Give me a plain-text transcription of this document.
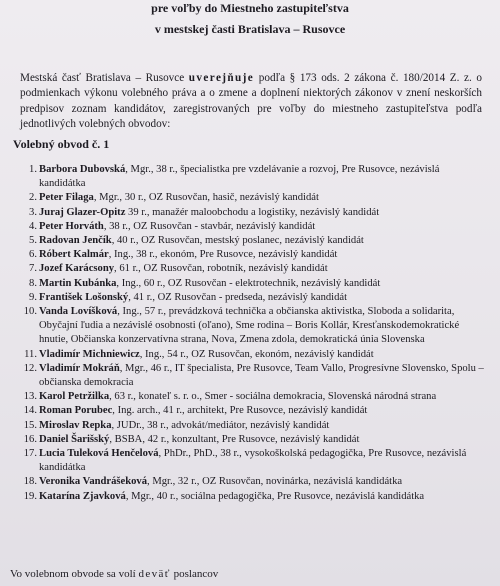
pre voľby do Miestneho zastupiteľstva
v mestskej časti Bratislava – Rusovce

Mestská časť Bratislava – Rusovce uverejňuje podľa § 173 ods. 2 zákona č. 180/2014 Z. z. o podmienkach výkonu volebného práva a o zmene a doplnení niektorých zákonov v znení neskorších predpisov zoznam kandidátov, zaregistrovaných pre voľby do miestneho zastupiteľstva podľa jednotlivých volebných obvodov:

Volebný obvod č. 1
1. Barbora Dubovská, Mgr., 38 r., špecialistka pre vzdelávanie a rozvoj, Pre Rusovce, nezávislá kandidátka
2. Peter Filaga, Mgr., 30 r., OZ Rusovčan, hasič, nezávislý kandidát
3. Juraj Glazer-Opitz 39 r., manažér maloobchodu a logistiky, nezávislý kandidát
4. Peter Horváth, 38 r., OZ Rusovčan - stavbár, nezávislý kandidát
5. Radovan Jenčík, 40 r., OZ Rusovčan, mestský poslanec, nezávislý kandidát
6. Róbert Kalmár, Ing., 38 r., ekonóm, Pre Rusovce, nezávislý kandidát
7. Jozef Karácsony, 61 r., OZ Rusovčan, robotník, nezávislý kandidát
8. Martin Kubánka, Ing., 60 r., OZ Rusovčan - elektrotechnik, nezávislý kandidát
9. František Lošonský, 41 r., OZ Rusovčan - predseda, nezávislý kandidát
10. Vanda Lovíšková, Ing., 57 r., prevádzková technička a občianska aktivistka, Sloboda a solidarita, Obyčajní ľudia a nezávislé osobnosti (oľano), Sme rodina – Boris Kollár, Kresťanskodemokratické hnutie, Občianska konzervatívna strana, Nova, Zmena zdola, demokratická únia Slovenska
11. Vladimír Michniewicz, Ing., 54 r., OZ Rusovčan, ekonóm, nezávislý kandidát
12. Vladimír Mokráň, Mgr., 46 r., IT špecialista, Pre Rusovce, Team Vallo, Progresívne Slovensko, Spolu – občianska demokracia
13. Karol Petržilka, 63 r., konateľ s. r. o., Smer - sociálna demokracia, Slovenská národná strana
14. Roman Porubec, Ing. arch., 41 r., architekt, Pre Rusovce, nezávislý kandidát
15. Miroslav Repka, JUDr., 38 r., advokát/mediátor, nezávislý kandidát
16. Daniel Šarišský, BSBA, 42 r., konzultant, Pre Rusovce, nezávislý kandidát
17. Lucia Tuleková Henčelová, PhDr., PhD., 38 r., vysokoškolská pedagogička, Pre Rusovce, nezávislá kandidátka
18. Veronika Vandrášeková, Mgr., 32 r., OZ Rusovčan, novinárka, nezávislá kandidátka
19. Katarína Zjavková, Mgr., 40 r., sociálna pedagogička, Pre Rusovce, nezávislá kandidátka
Vo volebnom obvode sa volí deväť poslancov
